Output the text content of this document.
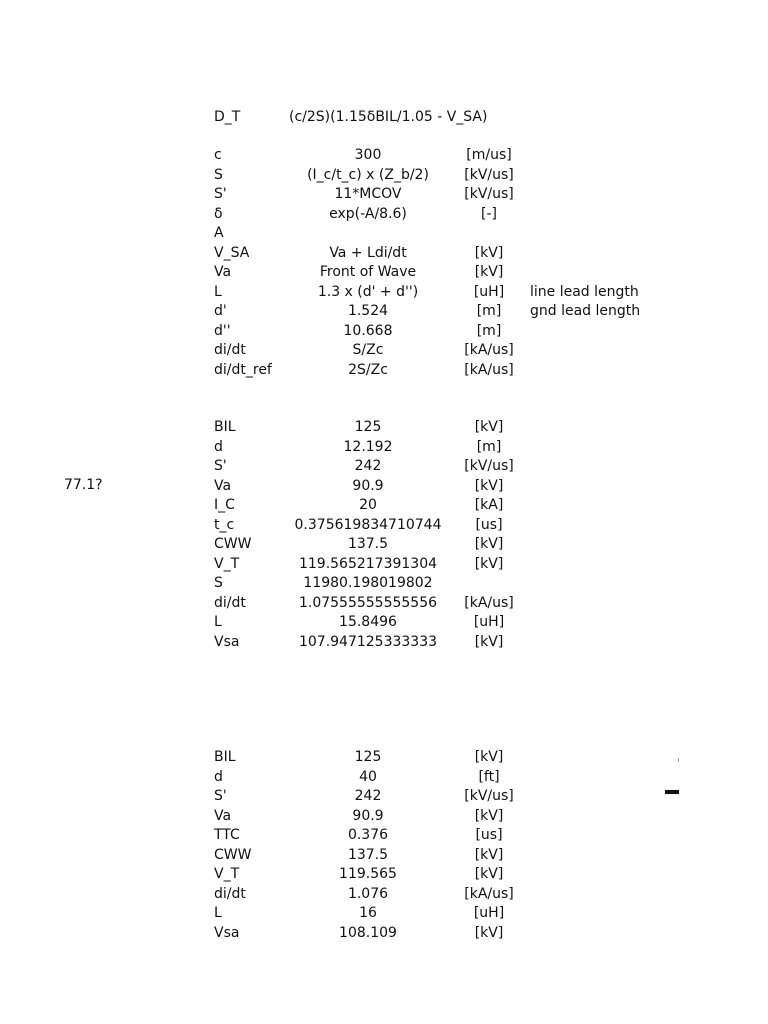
D_T	(c/2S)(1.15δBIL/1.05 - V_SA)
c	300	[m/us]
S	(I_c/t_c) x (Z_b/2)	[kV/us]
S'	11*MCOV	[kV/us]
δ	exp(-A/8.6)	[-]
A
V_SA	Va + Ldi/dt	[kV]
Va	Front of Wave	[kV]
L	1.3 x (d' + d'')	[uH] line lead length
d'	1.524	[m] gnd lead length
d''	10.668	[m]
di/dt	S/Zc	[kA/us]
di/dt_ref	2S/Zc	[kA/us]
BIL	125	[kV]
d	12.192	[m]
S'	242	[kV/us]
Va	90.9	[kV]
I_C	20	[kA]
t_c	0.375619834710744 [us]
CWW	137.5	[kV]
V_T	119.565217391304	[kV]
S	11980.198019802
di/dt	1.07555555555556 [kA/us]
L	15.8496	[uH]
Vsa	107.947125333333	[kV]
77.1?
BIL	125	[kV]
d	40	[ft]
S'	242	[kV/us]
Va	90.9	[kV]
TTC	0.376	[us]
CWW	137.5	[kV]
V_T	119.565	[kV]
di/dt	1.076	[kA/us]
L	16	[uH]
Vsa	108.109	[kV]
